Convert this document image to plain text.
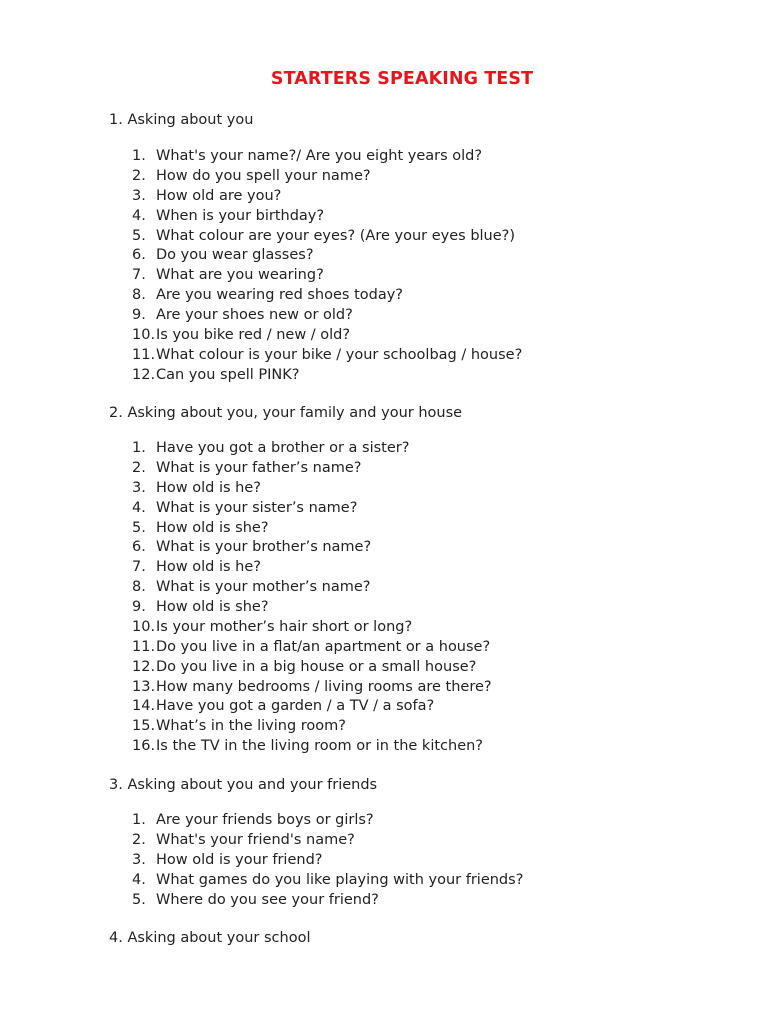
STARTERS SPEAKING TEST

1. Asking about you

1. What's your name?/ Are you eight years old?
2. How do you spell your name?
3. How old are you?
4. When is your birthday?
5. What colour are your eyes? (Are your eyes blue?)
6. Do you wear glasses?
7. What are you wearing?
8. Are you wearing red shoes today?
9. Are your shoes new or old?
10. Is you bike red / new / old?
11. What colour is your bike / your schoolbag / house?
12. Can you spell PINK?

2. Asking about you, your family and your house

1. Have you got a brother or a sister?
2. What is your father’s name?
3. How old is he?
4. What is your sister’s name?
5. How old is she?
6. What is your brother’s name?
7. How old is he?
8. What is your mother’s name?
9. How old is she?
10. Is your mother’s hair short or long?
11. Do you live in a flat/an apartment or a house?
12. Do you live in a big house or a small house?
13. How many bedrooms / living rooms are there?
14. Have you got a garden / a TV / a sofa?
15. What’s in the living room?
16. Is the TV in the living room or in the kitchen?

3. Asking about you and your friends

1. Are your friends boys or girls?
2. What's your friend's name?
3. How old is your friend?
4. What games do you like playing with your friends?
5. Where do you see your friend?

4. Asking about your school
